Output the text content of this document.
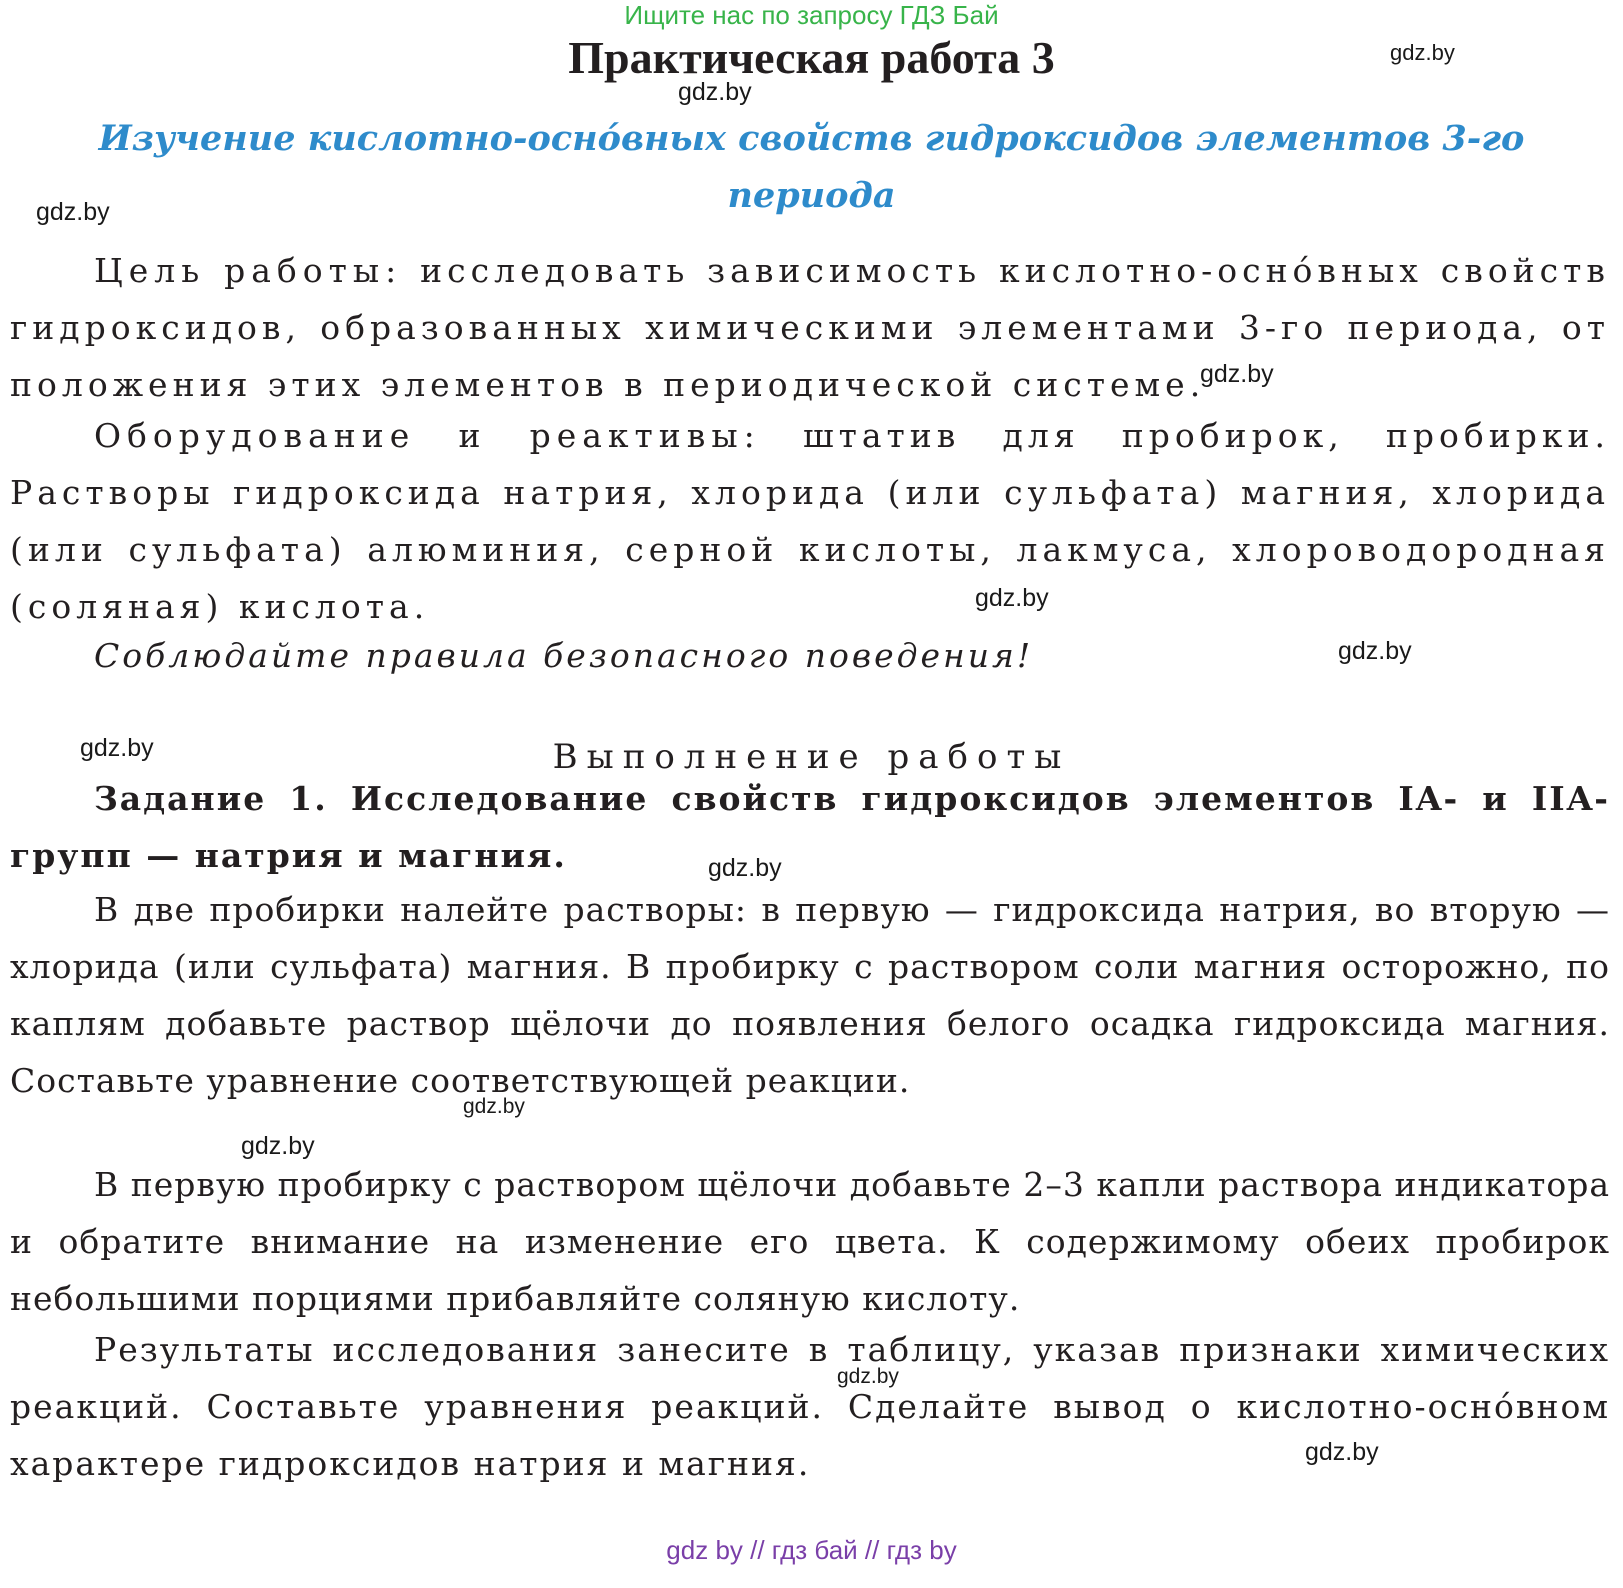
Ищите нас по запросу ГДЗ Бай
Практическая работа 3
Изучение кислотно-оснóвных свойств гидроксидов элементов 3-го периода
Цель работы: исследовать зависимость кислотно-оснóвных свойств гидроксидов, образованных химическими элементами 3-го периода, от положения этих элементов в периодической системе.
Оборудование и реактивы: штатив для пробирок, пробирки. Растворы гидроксида натрия, хлорида (или сульфата) магния, хлорида (или сульфата) алюминия, серной кислоты, лакмуса, хлороводородная (соляная) кислота.
Соблюдайте правила безопасного поведения!
Выполнение работы
Задание 1. Исследование свойств гидроксидов элементов IA- и IIA-групп — натрия и магния.
В две пробирки налейте растворы: в первую — гидроксида натрия, во вторую — хлорида (или сульфата) магния. В пробирку с раствором соли магния осторожно, по каплям добавьте раствор щёлочи до появления белого осадка гидроксида магния. Составьте уравнение соответствующей реакции.
В первую пробирку с раствором щёлочи добавьте 2–3 капли раствора индикатора и обратите внимание на изменение его цвета. К содержимому обеих пробирок небольшими порциями прибавляйте соляную кислоту.
Результаты исследования занесите в таблицу, указав признаки химических реакций. Составьте уравнения реакций. Сделайте вывод о кислотно-оснóвном характере гидроксидов натрия и магния.
gdz.by
gdz.by
gdz.by
gdz.by
gdz.by
gdz.by
gdz.by
gdz.by
gdz.by
gdz.by
gdz.by
gdz.by
gdz by // гдз бай // гдз by
